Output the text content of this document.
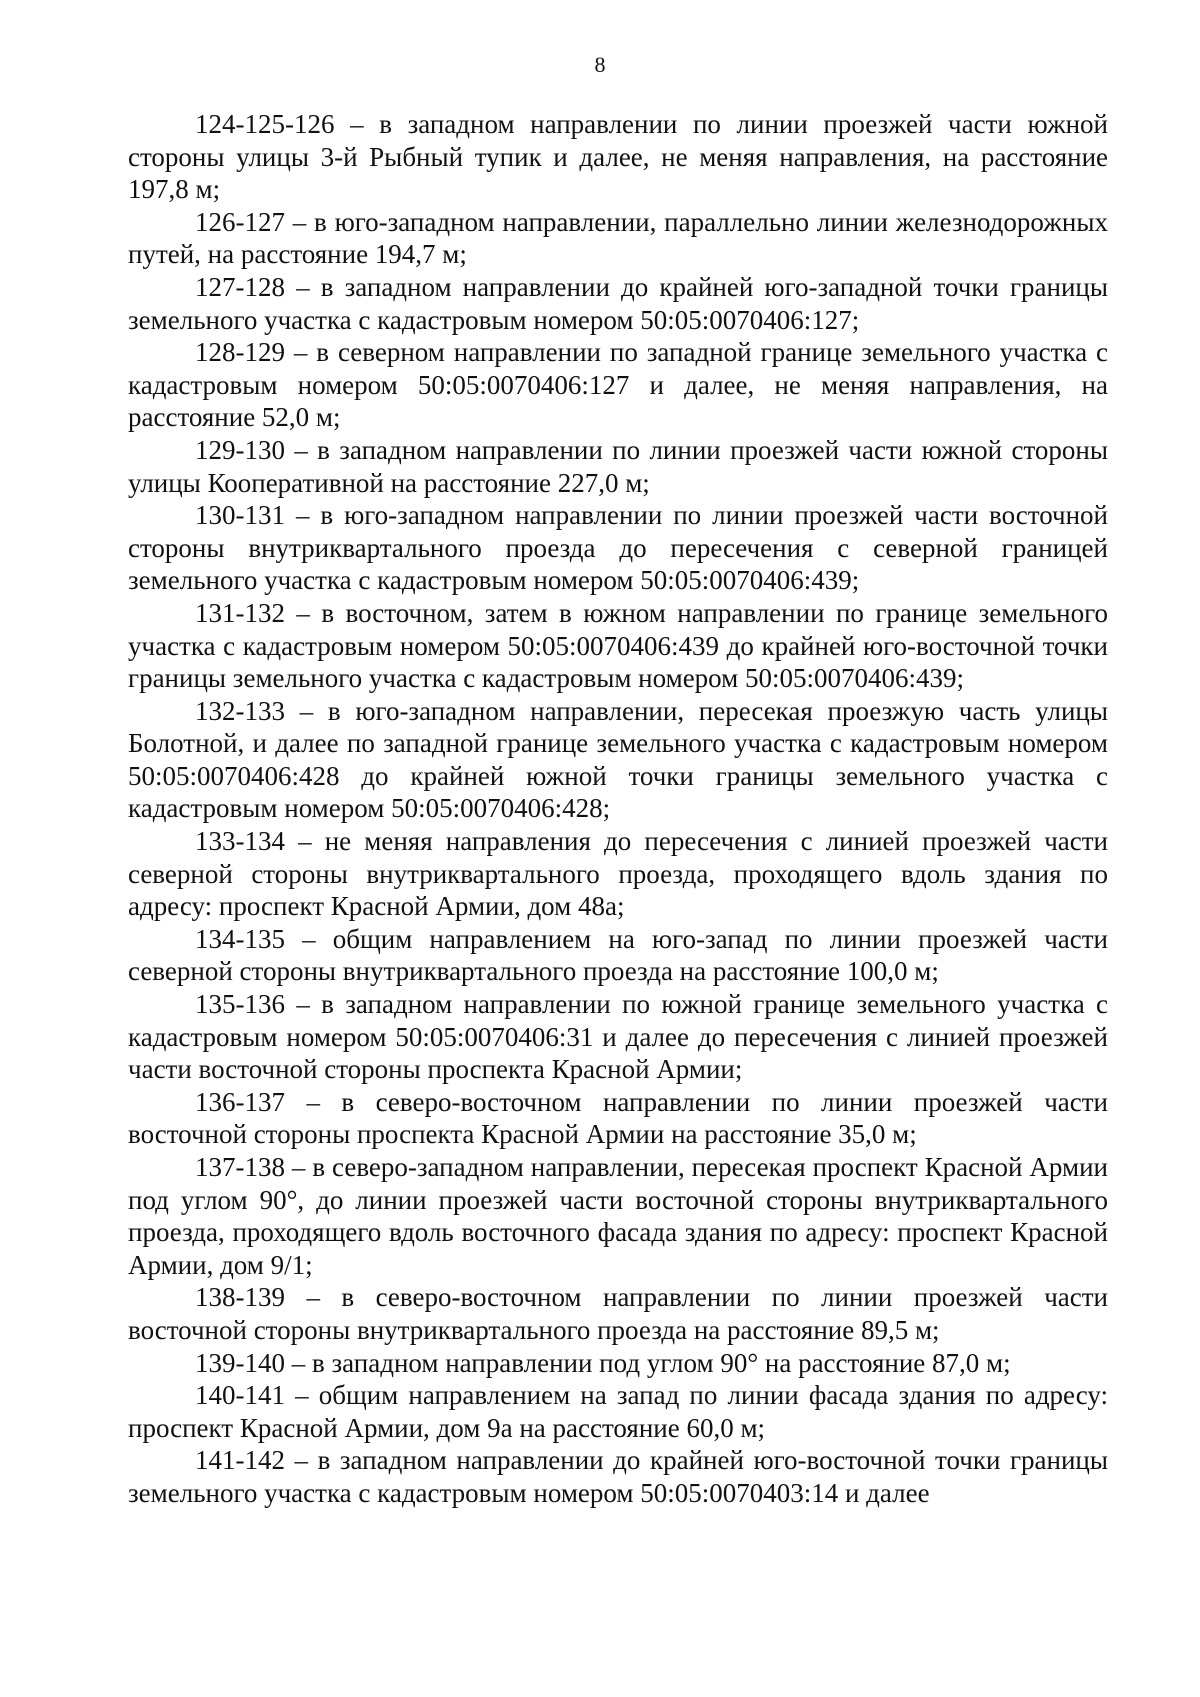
8

124-125-126 – в западном направлении по линии проезжей части южной стороны улицы 3-й Рыбный тупик и далее, не меняя направления, на расстояние 197,8 м;

126-127 – в юго-западном направлении, параллельно линии железнодорожных путей, на расстояние 194,7 м;

127-128 – в западном направлении до крайней юго-западной точки границы земельного участка с кадастровым номером 50:05:0070406:127;

128-129 – в северном направлении по западной границе земельного участка с кадастровым номером 50:05:0070406:127 и далее, не меняя направления, на расстояние 52,0 м;

129-130 – в западном направлении по линии проезжей части южной стороны улицы Кооперативной на расстояние 227,0 м;

130-131 – в юго-западном направлении по линии проезжей части восточной стороны внутриквартального проезда до пересечения с северной границей земельного участка с кадастровым номером 50:05:0070406:439;

131-132 – в восточном, затем в южном направлении по границе земельного участка с кадастровым номером 50:05:0070406:439 до крайней юго-восточной точки границы земельного участка с кадастровым номером 50:05:0070406:439;

132-133 – в юго-западном направлении, пересекая проезжую часть улицы Болотной, и далее по западной границе земельного участка с кадастровым номером 50:05:0070406:428 до крайней южной точки границы земельного участка с кадастровым номером 50:05:0070406:428;

133-134 – не меняя направления до пересечения с линией проезжей части северной стороны внутриквартального проезда, проходящего вдоль здания по адресу: проспект Красной Армии, дом 48а;

134-135 – общим направлением на юго-запад по линии проезжей части северной стороны внутриквартального проезда на расстояние 100,0 м;

135-136 – в западном направлении по южной границе земельного участка с кадастровым номером 50:05:0070406:31 и далее до пересечения с линией проезжей части восточной стороны проспекта Красной Армии;

136-137 – в северо-восточном направлении по линии проезжей части восточной стороны проспекта Красной Армии на расстояние 35,0 м;

137-138 – в северо-западном направлении, пересекая проспект Красной Армии под углом 90°, до линии проезжей части восточной стороны внутриквартального проезда, проходящего вдоль восточного фасада здания по адресу: проспект Красной Армии, дом 9/1;

138-139 – в северо-восточном направлении по линии проезжей части восточной стороны внутриквартального проезда на расстояние 89,5 м;

139-140 – в западном направлении под углом 90° на расстояние 87,0 м;

140-141 – общим направлением на запад по линии фасада здания по адресу: проспект Красной Армии, дом 9а на расстояние 60,0 м;

141-142 – в западном направлении до крайней юго-восточной точки границы земельного участка с кадастровым номером 50:05:0070403:14 и далее
